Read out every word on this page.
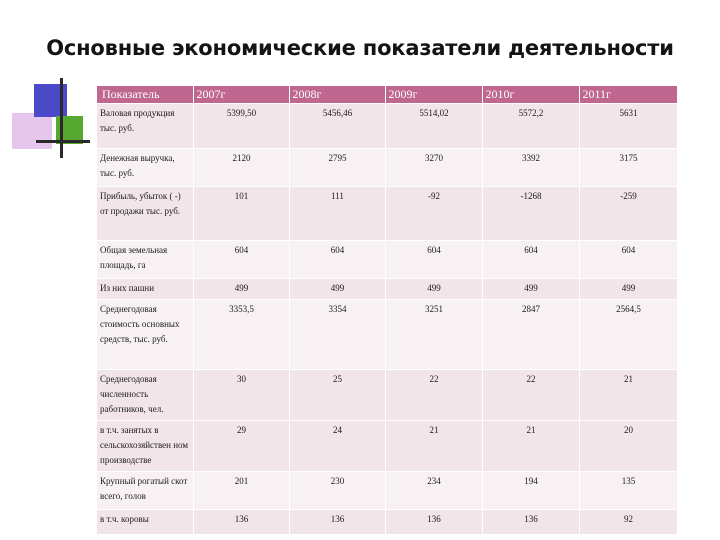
Основные экономические показатели деятельности
Показатель	2007г	2008г	2009г	2010г	2011г
Валовая продукция тыс. руб.	5399,50	5456,46	5514,02	5572,2	5631
Денежная выручка, тыс. руб.	2120	2795	3270	3392	3175
Прибыль, убыток ( -) от продажи тыс. руб.	101	111	-92	-1268	-259
Общая земельная площадь, га	604	604	604	604	604
Из них пашни	499	499	499	499	499
Среднегодовая стоимость основных средств, тыс. руб.	3353,5	3354	3251	2847	2564,5
Среднегодовая численность работников, чел.	30	25	22	22	21
в т.ч. занятых в сельскохозяйствен ном производстве	29	24	21	21	20
Крупный рогатый скот всего, голов	201	230	234	194	135
в т.ч. коровы	136	136	136	136	92
